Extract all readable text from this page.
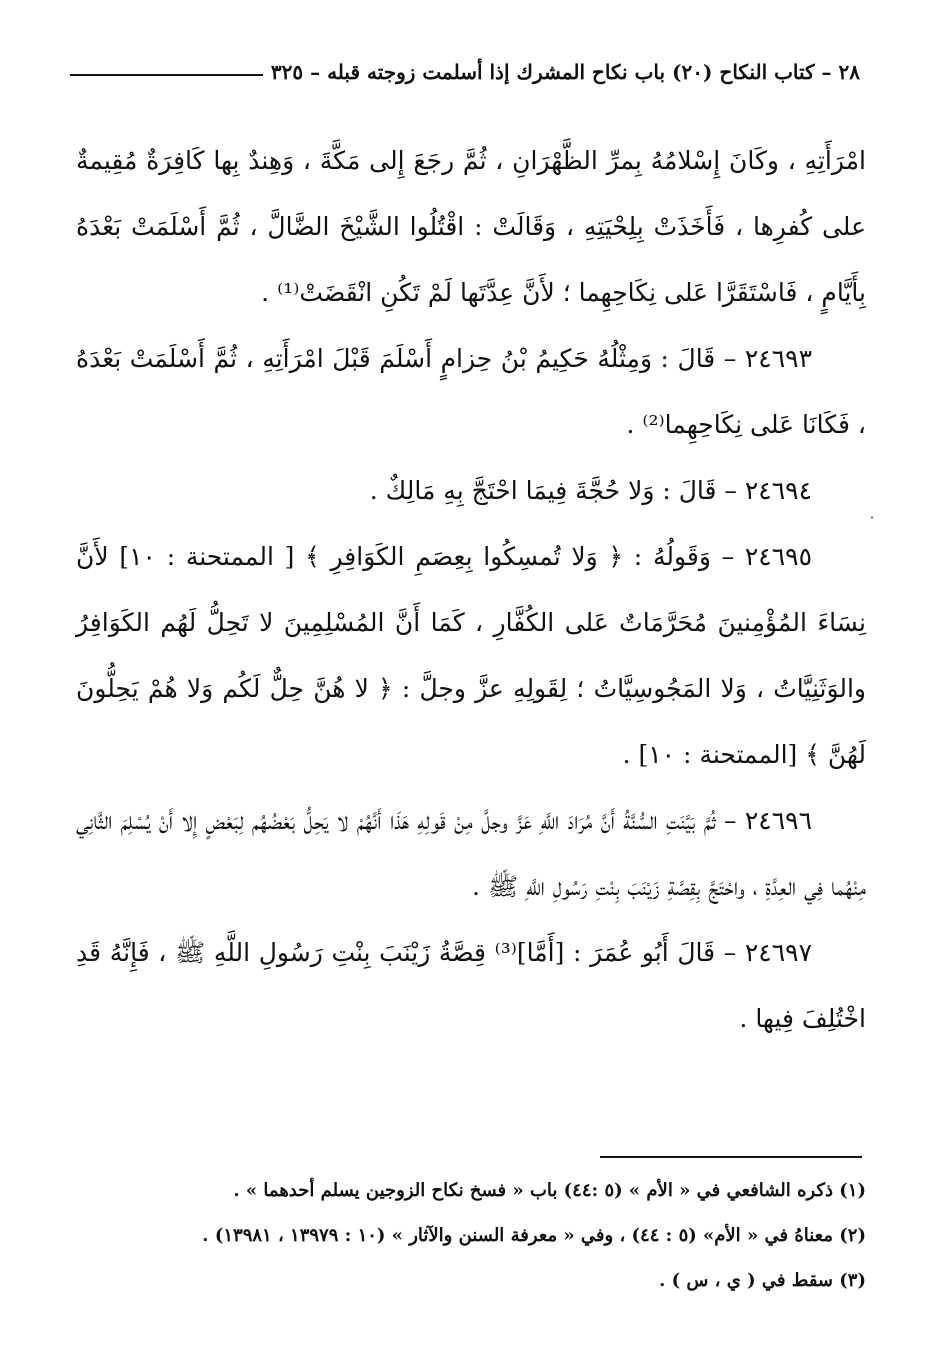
٢٨ – كتاب النكاح (٢٠) باب نكاح المشرك إذا أسلمت زوجته قبله – ٣٢٥

امْرَأَتِهِ ، وكَانَ إِسْلامُهُ بِمرِّ الظَّهْرَانِ ، ثُمَّ رجَعَ إِلى مَكَّةَ ، وَهِندٌ بِها كَافِرَةٌ مُقِيمةٌ على كُفرِها ، فَأَخَذَتْ بِلِحْيَتِهِ ، وَقَالَتْ : اقْتُلُوا الشَّيْخَ الضَّالَّ ، ثُمَّ أَسْلَمَتْ بَعْدَهُ بِأَيَّامٍ ، فَاسْتَقَرَّا عَلى نِكَاحِهِما ؛ لأَنَّ عِدَّتَها لَمْ تَكُنِ انْقَضَتْ⁽¹⁾ .

٢٤٦٩٣ – قَالَ : وَمِثْلُهُ حَكِيمُ بْنُ حِزامٍ أَسْلَمَ قَبْلَ امْرَأَتِهِ ، ثُمَّ أَسْلَمَتْ بَعْدَهُ ، فَكَانَا عَلى نِكَاحِهِما⁽²⁾ .

٢٤٦٩٤ – قَالَ : وَلا حُجَّةَ فِيمَا احْتَجَّ بِهِ مَالِكٌ .

٢٤٦٩٥ – وَقَولُهُ : ﴿ وَلا تُمسِكُوا بِعِصَمِ الكَوَافِرِ ﴾ [ الممتحنة : ١٠] لأَنَّ نِسَاءَ المُؤْمِنينَ مُحَرَّمَاتٌ عَلى الكُفَّارِ ، كَمَا أَنَّ المُسْلِمِينَ لا تَحِلُّ لَهُم الكَوَافِرُ والوَثَنِيَّاتُ ، وَلا المَجُوسِيَّاتُ ؛ لِقَولِهِ عزَّ وجلَّ : ﴿ لا هُنَّ حِلٌّ لَكُم وَلا هُمْ يَحِلُّونَ لَهُنَّ ﴾ [الممتحنة : ١٠] .

٢٤٦٩٦ – ثُمَّ بَيَّنَتِ السُّنَّةُ أَنَّ مُرَادَ اللَّهِ عَزَّ وجلَّ مِنْ قَولِهِ هَذَا أَنَّهُمْ لا يَحِلُّ بَعْضُهُم لِبَعْضٍ إِلا أَنْ يُسْلِمَ الثَّانِي مِنْهُما فِي العِدَّةِ ، واحْتَجَّ بِقِصَّةِ زَيْنَبَ بِنْتِ رَسُولِ اللَّهِ ﷺ .

٢٤٦٩٧ – قَالَ أَبُو عُمَرَ : [أَمَّا]⁽³⁾ قِصَّةُ زَيْنَبَ بِنْتِ رَسُولِ اللَّهِ ﷺ ، فَإِنَّهُ قَدِ اخْتُلِفَ فِيها .

˙

(١) ذكره الشافعي في « الأم » (٥ :٤٤) باب « فسخ نكاح الزوجين يسلم أحدهما » .

(٢) معناهُ في « الأم» (٥ : ٤٤) ، وفي « معرفة السنن والآثار » (١٠ : ١٣٩٧٩ ، ١٣٩٨١) .

(٣) سقط في ( ي ، س ) .
